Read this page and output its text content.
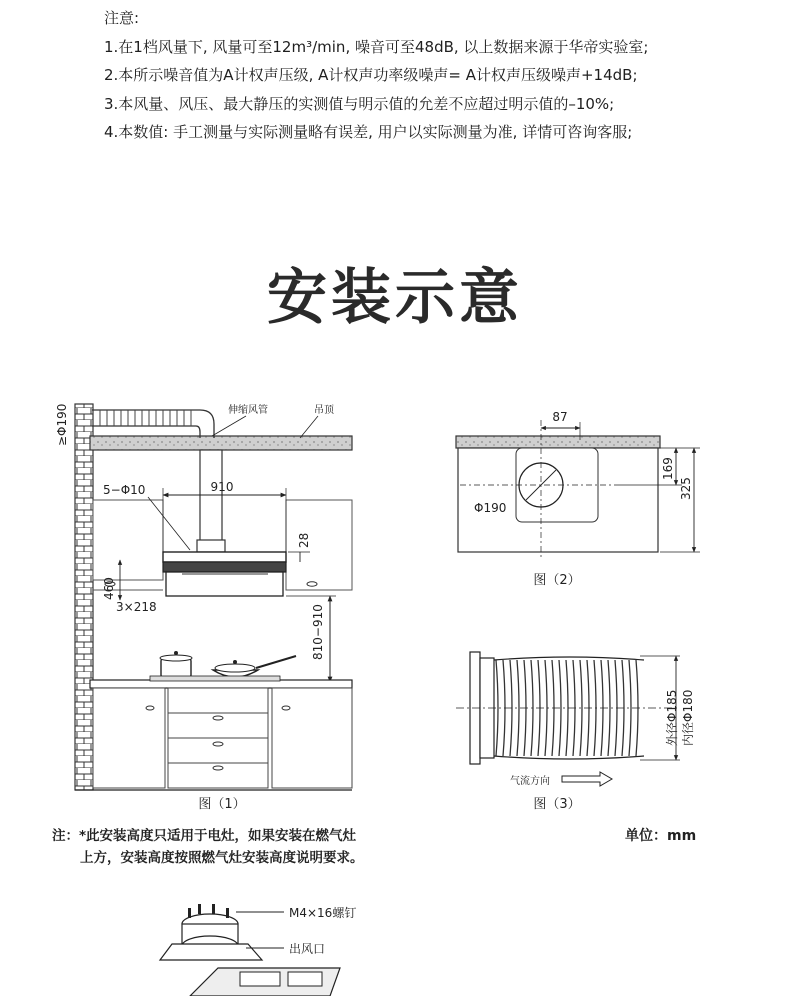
注意:
1.在1档风量下, 风量可至12m³/min, 噪音可至48dB, 以上数据来源于华帝实验室;
2.本所示噪音值为A计权声压级, A计权声功率级噪声= A计权声压级噪声+14dB;
3.本风量、风压、最大静压的实测值与明示值的允差不应超过明示值的–10%;
4.本数值: 手工测量与实际测量略有误差, 用户以实际测量为准, 详情可咨询客服;
安装示意
910
5−Φ10
28
460
3×218	810−910
≥Φ190	伸缩风管	吊顶
图（1）
Φ190
87
169
325
图（2）
外径Φ185 内径Φ180
气流方向
图（3）
M4×16螺钉
出风口
注：*此安装高度只适用于电灶，如果安装在燃气灶
上方，安装高度按照燃气灶安装高度说明要求。
单位：mm
